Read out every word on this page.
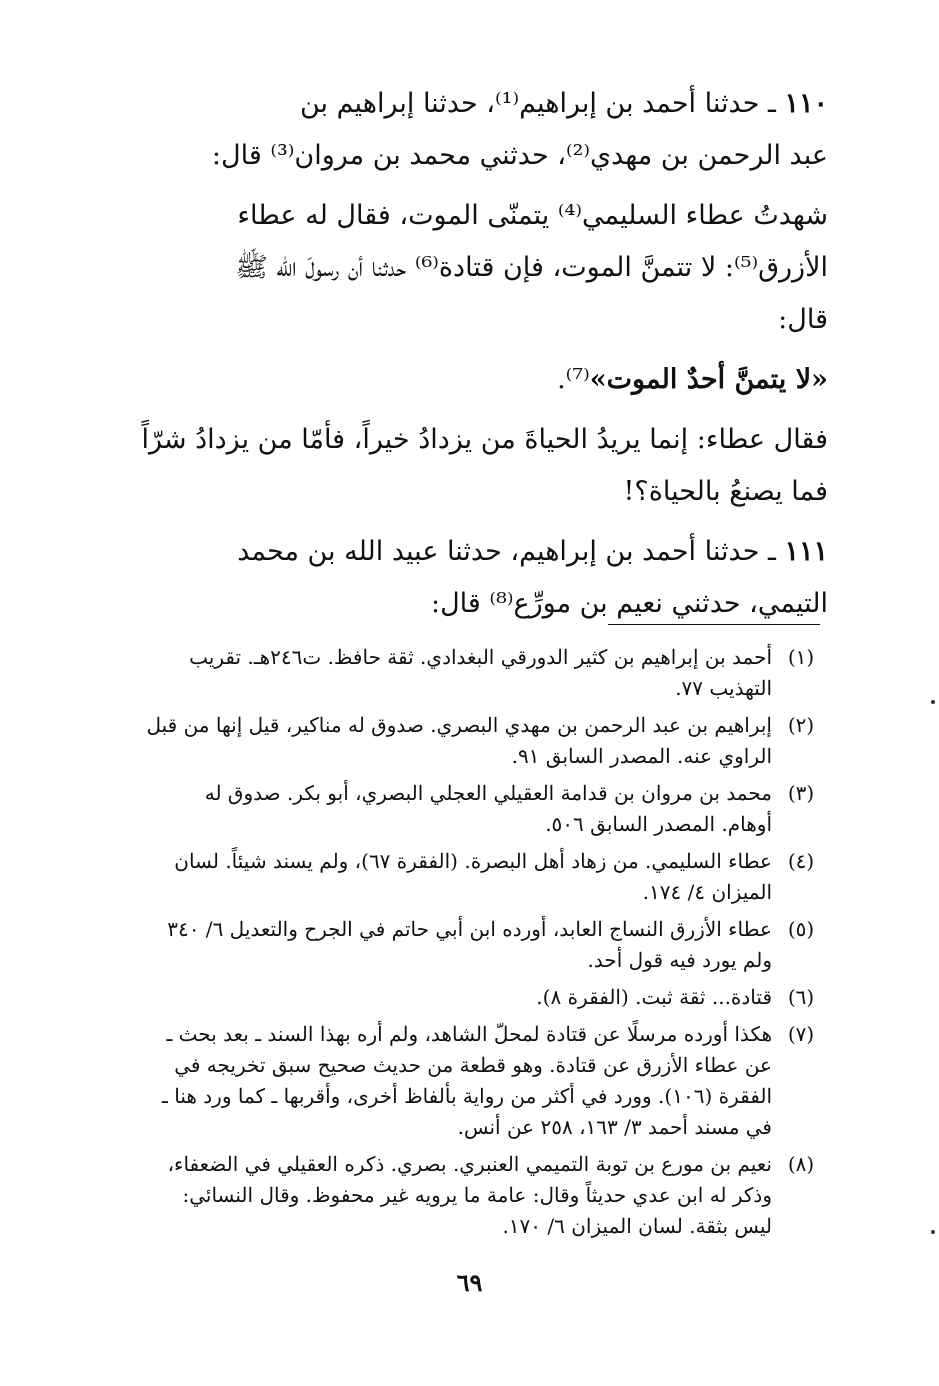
١١٠ ـ حدثنا أحمد بن إبراهيم⁽¹⁾، حدثنا إبراهيم بن
عبد الرحمن بن مهدي⁽²⁾، حدثني محمد بن مروان⁽³⁾ قال:
شهدتُ عطاء السليمي⁽⁴⁾ يتمنّى الموت، فقال له عطاء
الأزرق⁽⁵⁾: لا تتمنَّ الموت، فإن قتادة⁽⁶⁾ حدثنا أن رسولَ الله ﷺ
قال:
«لا يتمنَّ أحدٌ الموت»⁽⁷⁾.
فقال عطاء: إنما يريدُ الحياةَ من يزدادُ خيراً، فأمّا من يزدادُ شرّاً
فما يصنعُ بالحياة؟!
١١١ ـ حدثنا أحمد بن إبراهيم، حدثنا عبيد الله بن محمد
التيمي، حدثني نعيم بن مورِّع⁽⁸⁾ قال:
(١)
أحمد بن إبراهيم بن كثير الدورقي البغدادي. ثقة حافظ. ت٢٤٦هـ. تقريب
التهذيب ٧٧.
(٢)
إبراهيم بن عبد الرحمن بن مهدي البصري. صدوق له مناكير، قيل إنها من قبل
الراوي عنه. المصدر السابق ٩١.
(٣)
محمد بن مروان بن قدامة العقيلي العجلي البصري، أبو بكر. صدوق له
أوهام. المصدر السابق ٥٠٦.
(٤)
عطاء السليمي. من زهاد أهل البصرة. (الفقرة ٦٧)، ولم يسند شيئاً. لسان
الميزان ٤/ ١٧٤.
(٥)
عطاء الأزرق النساج العابد، أورده ابن أبي حاتم في الجرح والتعديل ٦/ ٣٤٠
ولم يورد فيه قول أحد.
(٦)
قتادة... ثقة ثبت. (الفقرة ٨).
(٧)
هكذا أورده مرسلًا عن قتادة لمحلّ الشاهد، ولم أره بهذا السند ـ بعد بحث ـ
عن عطاء الأزرق عن قتادة. وهو قطعة من حديث صحيح سبق تخريجه في
الفقرة (١٠٦). وورد في أكثر من رواية بألفاظ أخرى، وأقربها ـ كما ورد هنا ـ
في مسند أحمد ٣/ ١٦٣، ٢٥٨ عن أنس.
(٨)
نعيم بن مورع بن توبة التميمي العنبري. بصري. ذكره العقيلي في الضعفاء،
وذكر له ابن عدي حديثاً وقال: عامة ما يرويه غير محفوظ. وقال النسائي:
ليس بثقة. لسان الميزان ٦/ ١٧٠.
٦٩
